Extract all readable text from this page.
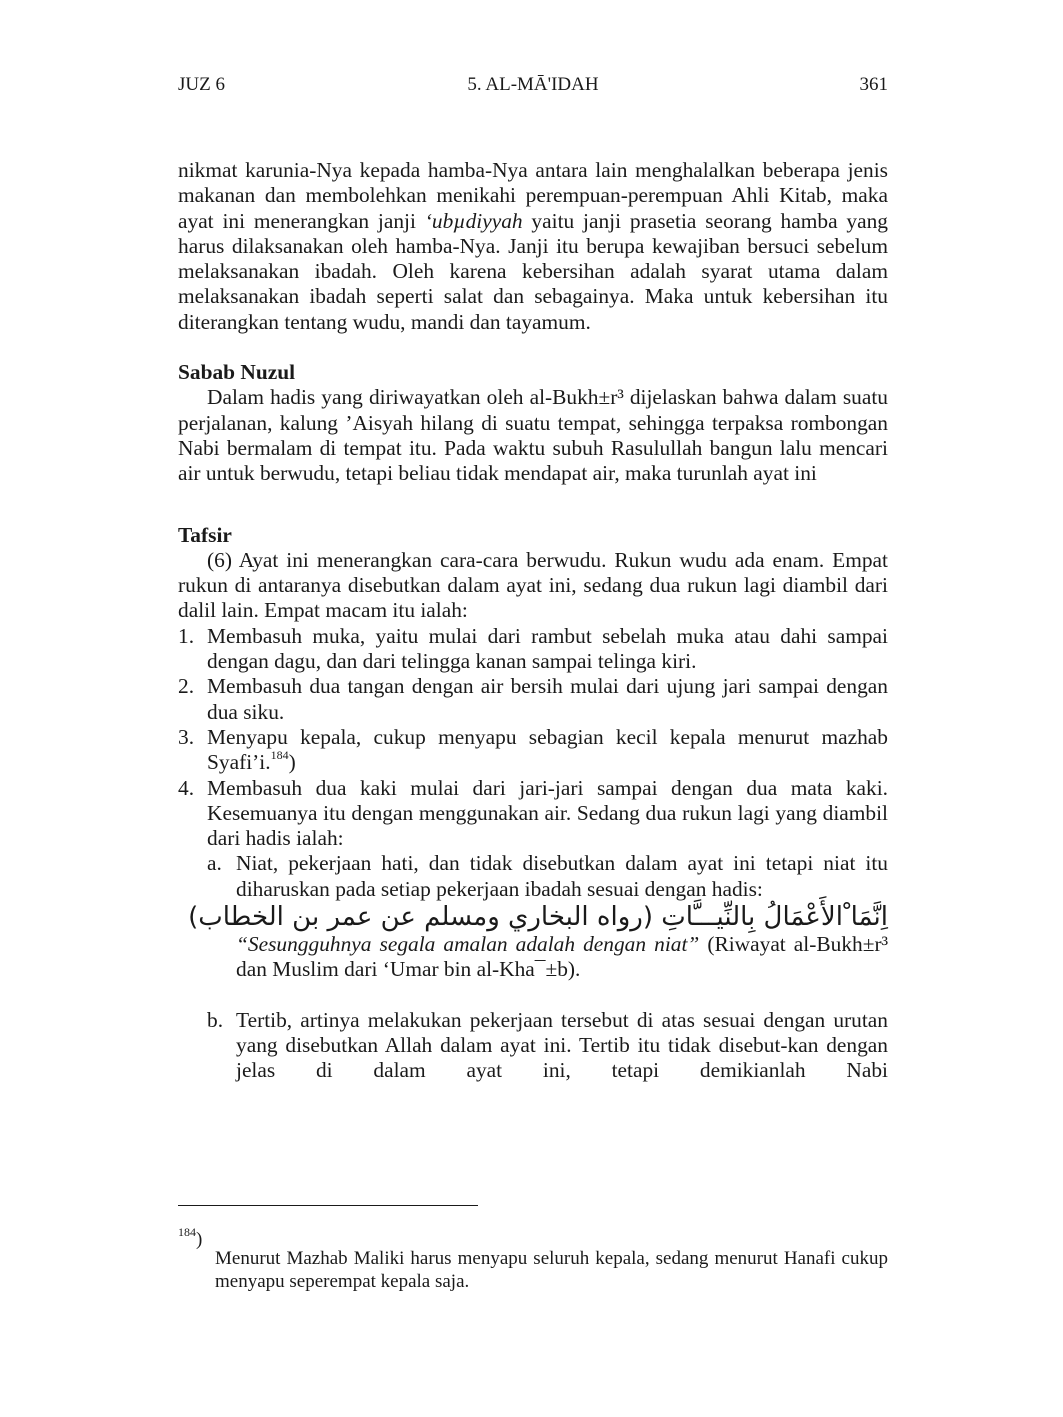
JUZ 6	5. AL-MĀ'IDAH	361

nikmat karunia-Nya kepada hamba-Nya antara lain menghalalkan beberapa jenis makanan dan membolehkan menikahi perempuan-perempuan Ahli Kitab, maka ayat ini menerangkan janji ‘ubµdiyyah yaitu janji prasetia seorang hamba yang harus dilaksanakan oleh hamba-Nya. Janji itu berupa kewajiban bersuci sebelum melaksanakan ibadah. Oleh karena kebersihan adalah syarat utama dalam melaksanakan ibadah seperti salat dan sebagainya. Maka untuk kebersihan itu diterangkan tentang wudu, mandi dan tayamum.

Sabab Nuzul

Dalam hadis yang diriwayatkan oleh al-Bukh±r³ dijelaskan bahwa dalam suatu perjalanan, kalung ’Aisyah hilang di suatu tempat, sehingga terpaksa rombongan Nabi bermalam di tempat itu. Pada waktu subuh Rasulullah bangun lalu mencari air untuk berwudu, tetapi beliau tidak mendapat air, maka turunlah ayat ini

Tafsir

(6) Ayat ini menerangkan cara-cara berwudu. Rukun wudu ada enam. Empat rukun di antaranya disebutkan dalam ayat ini, sedang dua rukun lagi diambil dari dalil lain. Empat macam itu ialah:

1. Membasuh muka, yaitu mulai dari rambut sebelah muka atau dahi sampai dengan dagu, dan dari telingga kanan sampai telinga kiri.

2. Membasuh dua tangan dengan air bersih mulai dari ujung jari sampai dengan dua siku.

3. Menyapu kepala, cukup menyapu sebagian kecil kepala menurut mazhab Syafi’i.$^{184}$)

4. Membasuh dua kaki mulai dari jari-jari sampai dengan dua mata kaki. Kesemuanya itu dengan menggunakan air. Sedang dua rukun lagi yang diambil dari hadis ialah:

a. Niat, pekerjaan hati, dan tidak disebutkan dalam ayat ini tetapi niat itu diharuskan pada setiap pekerjaan ibadah sesuai dengan hadis:

اِنَّمَا ْالأَعْمَالُ بِالنِّيـــَّاتِ (رواه البخاري ومسلم عن عمر بن الخطاب)

“Sesungguhnya segala amalan adalah dengan niat” (Riwayat al-Bukh±r³ dan Muslim dari ‘Umar bin al-Kha¯±b).

b. Tertib, artinya melakukan pekerjaan tersebut di atas sesuai dengan urutan yang disebutkan Allah dalam ayat ini. Tertib itu tidak disebut-kan dengan jelas di dalam ayat ini, tetapi demikianlah Nabi

$^{184}$)

Menurut Mazhab Maliki harus menyapu seluruh kepala, sedang menurut Hanafi cukup menyapu seperempat kepala saja.
